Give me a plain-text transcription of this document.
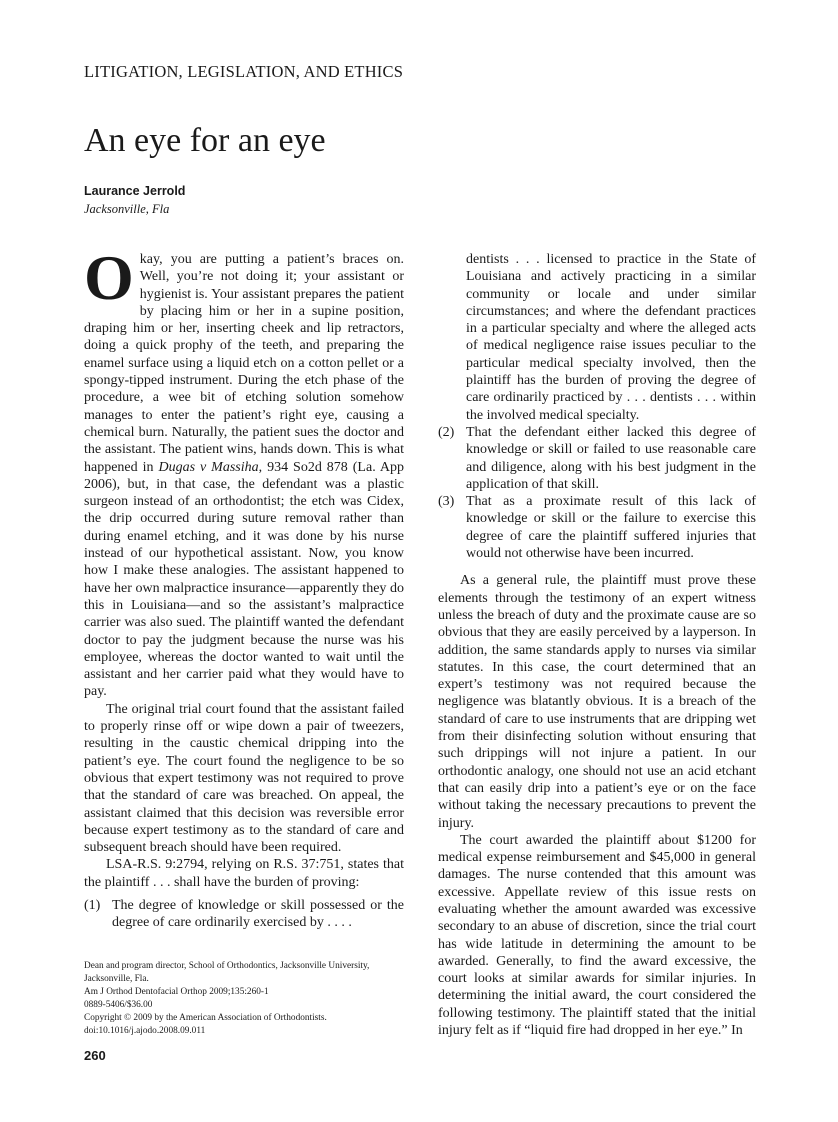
LITIGATION, LEGISLATION, AND ETHICS
An eye for an eye
Laurance Jerrold
Jacksonville, Fla

Okay, you are putting a patient’s braces on. Well, you’re not doing it; your assistant or hygienist is. Your assistant prepares the patient by placing him or her in a supine position, draping him or her, inserting cheek and lip retractors, doing a quick prophy of the teeth, and preparing the enamel surface using a liquid etch on a cotton pellet or a spongy-tipped instrument. During the etch phase of the procedure, a wee bit of etching solution somehow manages to enter the patient’s right eye, causing a chemical burn. Naturally, the patient sues the doctor and the assistant. The patient wins, hands down. This is what happened in Dugas v Massiha, 934 So2d 878 (La. App 2006), but, in that case, the defendant was a plastic surgeon instead of an orthodontist; the etch was Cidex, the drip occurred during suture removal rather than during enamel etching, and it was done by his nurse instead of our hypothetical assistant. Now, you know how I make these analogies. The assistant happened to have her own malpractice insurance—apparently they do this in Louisiana—and so the assistant’s malpractice carrier was also sued. The plaintiff wanted the defendant doctor to pay the judgment because the nurse was his employee, whereas the doctor wanted to wait until the assistant and her carrier paid what they would have to pay.

The original trial court found that the assistant failed to properly rinse off or wipe down a pair of tweezers, resulting in the caustic chemical dripping into the patient’s eye. The court found the negligence to be so obvious that expert testimony was not required to prove that the standard of care was breached. On appeal, the assistant claimed that this decision was reversible error because expert testimony as to the standard of care and subsequent breach should have been required.

LSA-R.S. 9:2794, relying on R.S. 37:751, states that the plaintiff . . . shall have the burden of proving:

(1) The degree of knowledge or skill possessed or the degree of care ordinarily exercised by . . . .
dentists . . . licensed to practice in the State of Louisiana and actively practicing in a similar community or locale and under similar circumstances; and where the defendant practices in a particular specialty and where the alleged acts of medical negligence raise issues peculiar to the particular medical specialty involved, then the plaintiff has the burden of proving the degree of care ordinarily practiced by . . . dentists . . . within the involved medical specialty.
(2) That the defendant either lacked this degree of knowledge or skill or failed to use reasonable care and diligence, along with his best judgment in the application of that skill.
(3) That as a proximate result of this lack of knowledge or skill or the failure to exercise this degree of care the plaintiff suffered injuries that would not otherwise have been incurred.

As a general rule, the plaintiff must prove these elements through the testimony of an expert witness unless the breach of duty and the proximate cause are so obvious that they are easily perceived by a layperson. In addition, the same standards apply to nurses via similar statutes. In this case, the court determined that an expert’s testimony was not required because the negligence was blatantly obvious. It is a breach of the standard of care to use instruments that are dripping wet from their disinfecting solution without ensuring that such drippings will not injure a patient. In our orthodontic analogy, one should not use an acid etchant that can easily drip into a patient’s eye or on the face without taking the necessary precautions to prevent the injury.

The court awarded the plaintiff about $1200 for medical expense reimbursement and $45,000 in general damages. The nurse contended that this amount was excessive. Appellate review of this issue rests on evaluating whether the amount awarded was excessive secondary to an abuse of discretion, since the trial court has wide latitude in determining the amount to be awarded. Generally, to find the award excessive, the court looks at similar awards for similar injuries. In determining the initial award, the court considered the following testimony. The plaintiff stated that the initial injury felt as if “liquid fire had dropped in her eye.” In

Dean and program director, School of Orthodontics, Jacksonville University, Jacksonville, Fla.
Am J Orthod Dentofacial Orthop 2009;135:260-1
0889-5406/$36.00
Copyright © 2009 by the American Association of Orthodontists.
doi:10.1016/j.ajodo.2008.09.011
260
